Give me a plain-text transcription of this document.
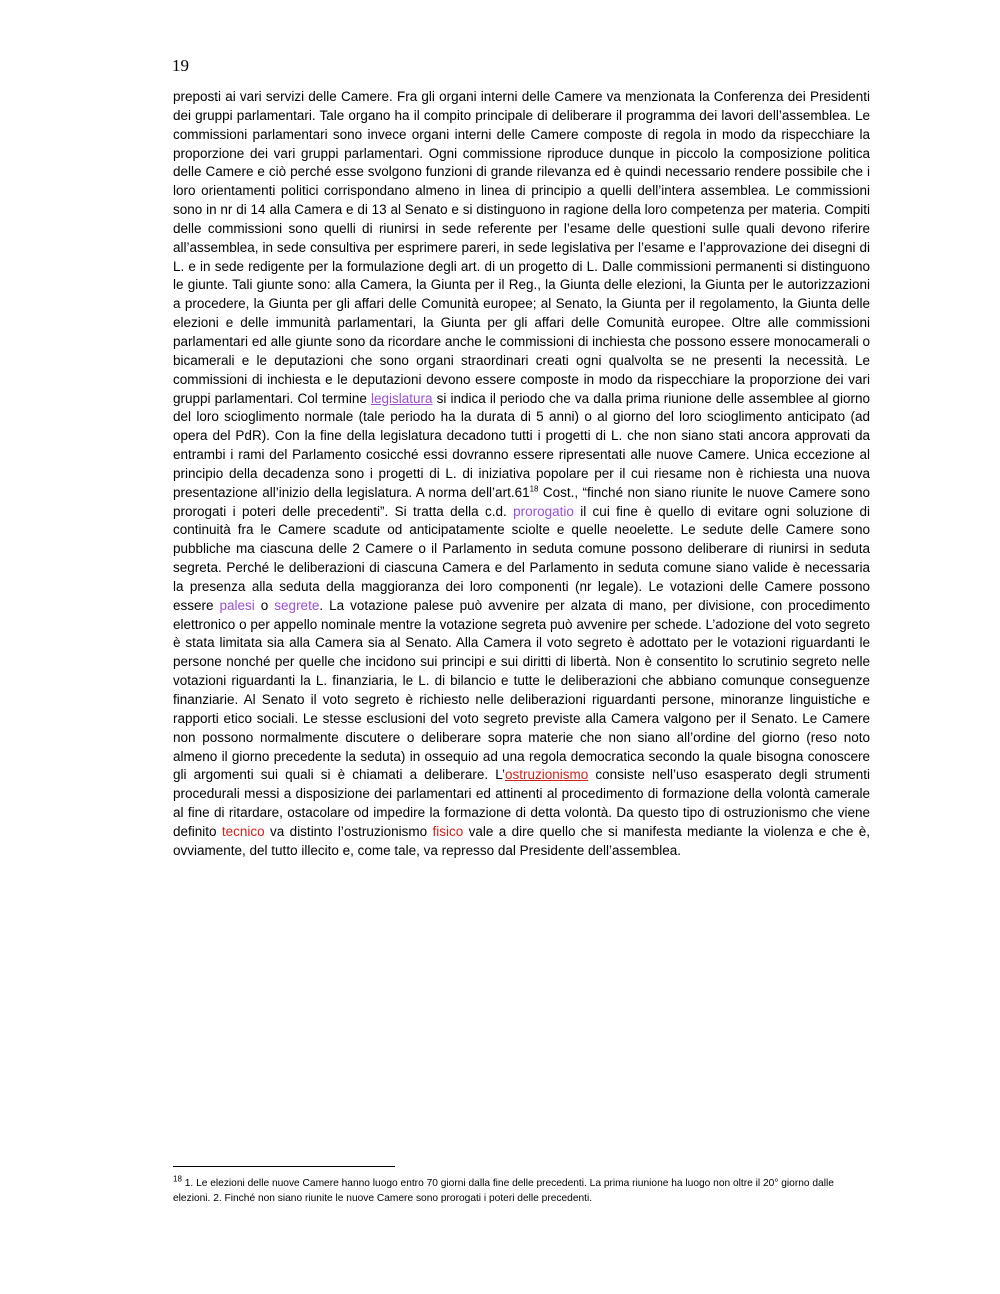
19
preposti ai vari servizi delle Camere. Fra gli organi interni delle Camere va menzionata la Conferenza dei Presidenti dei gruppi parlamentari. Tale organo ha il compito principale di deliberare il programma dei lavori dell’assemblea. Le commissioni parlamentari sono invece organi interni delle Camere composte di regola in modo da rispecchiare la proporzione dei vari gruppi parlamentari. Ogni commissione riproduce dunque in piccolo la composizione politica delle Camere e ciò perché esse svolgono funzioni di grande rilevanza ed è quindi necessario rendere possibile che i loro orientamenti politici corrispondano almeno in linea di principio a quelli dell’intera assemblea. Le commissioni sono in nr di 14 alla Camera e di 13 al Senato e si distinguono in ragione della loro competenza per materia. Compiti delle commissioni sono quelli di riunirsi in sede referente per l’esame delle questioni sulle quali devono riferire all’assemblea, in sede consultiva per esprimere pareri, in sede legislativa per l’esame e l’approvazione dei disegni di L. e in sede redigente per la formulazione degli art. di un progetto di L. Dalle commissioni permanenti si distinguono le giunte. Tali giunte sono: alla Camera, la Giunta per il Reg., la Giunta delle elezioni, la Giunta per le autorizzazioni a procedere, la Giunta per gli affari delle Comunità europee; al Senato, la Giunta per il regolamento, la Giunta delle elezioni e delle immunità parlamentari, la Giunta per gli affari delle Comunità europee. Oltre alle commissioni parlamentari ed alle giunte sono da ricordare anche le commissioni di inchiesta che possono essere monocamerali o bicamerali e le deputazioni che sono organi straordinari creati ogni qualvolta se ne presenti la necessità. Le commissioni di inchiesta e le deputazioni devono essere composte in modo da rispecchiare la proporzione dei vari gruppi parlamentari. Col termine legislatura si indica il periodo che va dalla prima riunione delle assemblee al giorno del loro scioglimento normale (tale periodo ha la durata di 5 anni) o al giorno del loro scioglimento anticipato (ad opera del PdR). Con la fine della legislatura decadono tutti i progetti di L. che non siano stati ancora approvati da entrambi i rami del Parlamento cosicché essi dovranno essere ripresentati alle nuove Camere. Unica eccezione al principio della decadenza sono i progetti di L. di iniziativa popolare per il cui riesame non è richiesta una nuova presentazione all’inizio della legislatura. A norma $dell’art.61^{18}$ Cost., “finché non siano riunite le nuove Camere sono prorogati i poteri delle precedenti”. Si tratta della c.d. prorogatio il cui fine è quello di evitare ogni soluzione di continuità fra le Camere scadute od anticipatamente sciolte e quelle neoelette. Le sedute delle Camere sono pubbliche ma ciascuna delle 2 Camere o il Parlamento in seduta comune possono deliberare di riunirsi in seduta segreta. Perché le deliberazioni di ciascuna Camera e del Parlamento in seduta comune siano valide è necessaria la presenza alla seduta della maggioranza dei loro componenti (nr legale). Le votazioni delle Camere possono essere palesi o segrete. La votazione palese può avvenire per alzata di mano, per divisione, con procedimento elettronico o per appello nominale mentre la votazione segreta può avvenire per schede. L’adozione del voto segreto è stata limitata sia alla Camera sia al Senato. Alla Camera il voto segreto è adottato per le votazioni riguardanti le persone nonché per quelle che incidono sui principi e sui diritti di libertà. Non è consentito lo scrutinio segreto nelle votazioni riguardanti la L. finanziaria, le L. di bilancio e tutte le deliberazioni che abbiano comunque conseguenze finanziarie. Al Senato il voto segreto è richiesto nelle deliberazioni riguardanti persone, minoranze linguistiche e rapporti etico sociali. Le stesse esclusioni del voto segreto previste alla Camera valgono per il Senato. Le Camere non possono normalmente discutere o deliberare sopra materie che non siano all’ordine del giorno (reso noto almeno il giorno precedente la seduta) in ossequio ad una regola democratica secondo la quale bisogna conoscere gli argomenti sui quali si è chiamati a deliberare. L’ostruzionismo consiste nell’uso esasperato degli strumenti procedurali messi a disposizione dei parlamentari ed attinenti al procedimento di formazione della volontà camerale al fine di ritardare, ostacolare od impedire la formazione di detta volontà. Da questo tipo di ostruzionismo che viene definito tecnico va distinto l’ostruzionismo fisico vale a dire quello che si manifesta mediante la violenza e che è, ovviamente, del tutto illecito e, come tale, va represso dal Presidente dell’assemblea.
$^{18}$ 1. Le elezioni delle nuove Camere hanno luogo entro 70 giorni dalla fine delle precedenti. La prima riunione ha luogo non oltre il 20° giorno dalle elezioni. 2. Finché non siano riunite le nuove Camere sono prorogati i poteri delle precedenti.
